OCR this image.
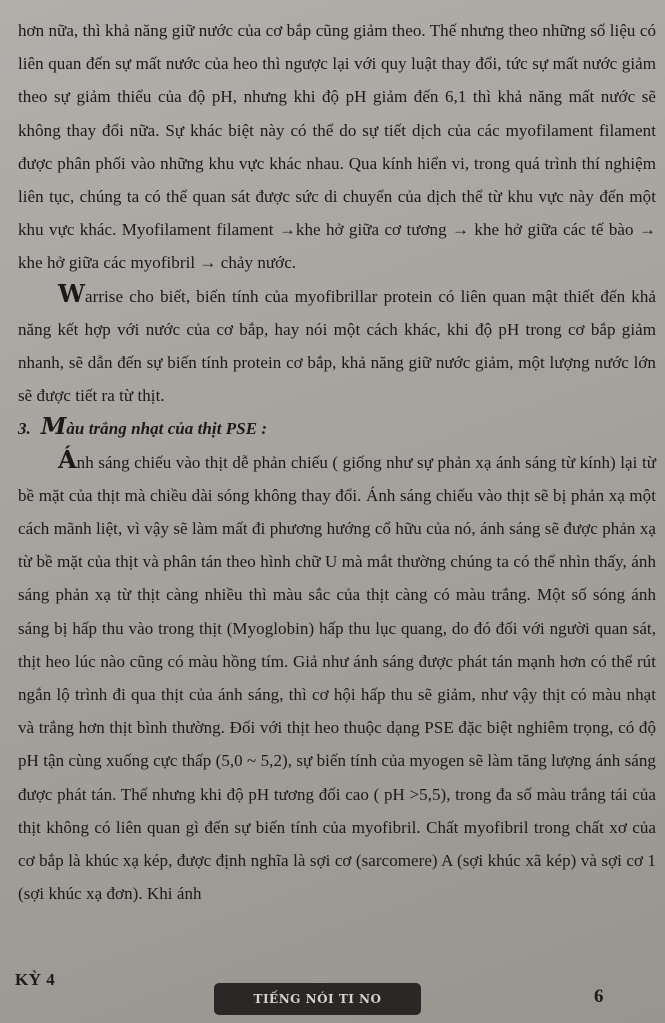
hơn nữa, thì khả năng giữ nước của cơ bắp cũng giảm theo. Thế nhưng theo những số liệu có liên quan đến sự mất nước của heo thì ngược lại với quy luật thay đổi, tức sự mất nước giảm theo sự giảm thiểu của độ pH, nhưng khi độ pH giảm đến 6,1 thì khả năng mất nước sẽ không thay đổi nữa. Sự khác biệt này có thể do sự tiết dịch của các myofilament filament được phân phối vào những khu vực khác nhau. Qua kính hiển vi, trong quá trình thí nghiệm liên tục, chúng ta có thể quan sát được sức di chuyển của dịch thể từ khu vực này đến một khu vực khác. Myofilament filament →khe hở giữa cơ tương → khe hở giữa các tế bào → khe hở giữa các myofibril → chảy nước.

Warrise cho biết, biến tính của myofibrillar protein có liên quan mật thiết đến khả năng kết hợp với nước của cơ bắp, hay nói một cách khác, khi độ pH trong cơ bắp giảm nhanh, sẽ dẫn đến sự biến tính protein cơ bắp, khả năng giữ nước giảm, một lượng nước lớn sẽ được tiết ra từ thịt.

3. Màu trắng nhạt của thịt PSE :

Ánh sáng chiếu vào thịt dễ phản chiếu ( giống như sự phản xạ ánh sáng từ kính) lại từ bề mặt của thịt mà chiều dài sóng không thay đổi. Ánh sáng chiếu vào thịt sẽ bị phản xạ một cách mãnh liệt, vì vậy sẽ làm mất đi phương hướng cổ hữu của nó, ánh sáng sẽ được phản xạ từ bề mặt của thịt và phân tán theo hình chữ U mà mắt thường chúng ta có thể nhìn thấy, ánh sáng phản xạ từ thịt càng nhiều thì màu sắc của thịt càng có màu trắng. Một số sóng ánh sáng bị hấp thu vào trong thịt (Myoglobin) hấp thu lục quang, do đó đối với người quan sát, thịt heo lúc nào cũng có màu hồng tím. Giả như ánh sáng được phát tán mạnh hơn có thể rút ngắn lộ trình đi qua thịt của ánh sáng, thì cơ hội hấp thu sẽ giảm, như vậy thịt có màu nhạt và trắng hơn thịt bình thường. Đối với thịt heo thuộc dạng PSE đặc biệt nghiêm trọng, có độ pH tận cùng xuống cực thấp (5,0 ~ 5,2), sự biến tính của myogen sẽ làm tăng lượng ánh sáng được phát tán. Thế nhưng khi độ pH tương đối cao ( pH >5,5), trong đa số màu trắng tái của thịt không có liên quan gì đến sự biến tính của myofibril. Chất myofibril trong chất xơ của cơ bắp là khúc xạ kép, được định nghĩa là sợi cơ (sarcomere) A (sợi khúc xã kép) và sợi cơ 1 (sợi khúc xạ đơn). Khi ánh

KỲ 4
TIẾNG NÓI TI NO	6
